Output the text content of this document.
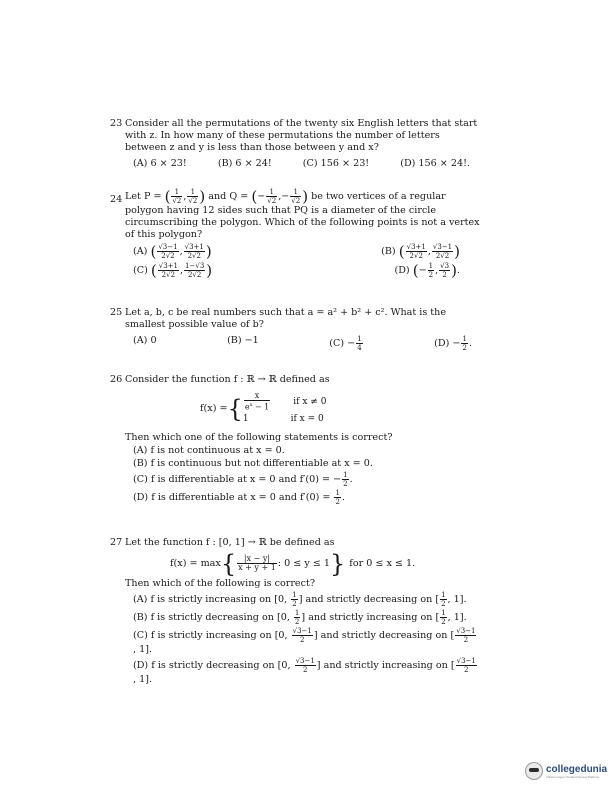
23 Consider all the permutations of the twenty six English letters that start with z. In how many of these permutations the number of letters between z and y is less than those between y and x?
(A) 6 × 23!	(B) 6 × 24!	(C) 156 × 23!	(D) 156 × 24!.
24 Let P = ( $\frac{1}{√2}$ , $\frac{1}{√2}$ ) and Q = (− $\frac{1}{√2}$ ,− $\frac{1}{√2}$ ) be two vertices of a regular polygon having 12 sides such that PQ is a diameter of the circle circumscribing the polygon. Which of the following points is not a vertex of this polygon?
(A) ( $\frac{√3-1}{2√2}$ , $\frac{√3+1}{2√2}$ )	(B) ( $\frac{√3+1}{2√2}$ , $\frac{√3-1}{2√2}$ )
(C) ( $\frac{√3+1}{2√2}$ , $\frac{1-√3}{2√2}$ )	(D) (− $\frac{1}{2}$ , $\frac{√3}{2}$ ).
25 Let a, b, c be real numbers such that a = a² + b² + c². What is the smallest possible value of b?
(A) 0	(B) −1	$(C) - \frac{1}{4}$	$(D) - \frac{1}{2}$ .
26 Consider the function f : ℝ → ℝ defined as
f(x) = { $\frac{x}{e^x - 1}$	if x ≠ 0
1	if x = 0
Then which one of the following statements is correct?
(A) f is not continuous at x = 0.
(B) f is continuous but not differentiable at x = 0.
(C) f is differentiable at x = 0 and f′(0) = − $\frac{1}{2}$ .
(D) f is differentiable at x = 0 and $f'(0) = \frac{1}{2}$ .
27 Let the function f : [0, 1] → ℝ be defined as
f(x) = max { $\frac{|x - y|}{x + y + 1}$ : 0 ≤ y ≤ 1 } for 0 ≤ x ≤ 1.
Then which of the following is correct?
(A) f is strictly increasing on [0, $\frac{1}{2}$ ] and strictly decreasing on [ $\frac{1}{2}$ , 1].
(B) f is strictly decreasing on [0, $\frac{1}{2}$ ] and strictly increasing on [ $\frac{1}{2}$ , 1].
(C) f is strictly increasing on [0, $\frac{√3-1}{2}$ ] and strictly decreasing on [ $\frac{√3-1}{2}$
, 1].
(D) f is strictly decreasing on [0, $\frac{√3-1}{2}$ ] and strictly increasing on [ $\frac{√3-1}{2}$
, 1].
collegedunia
India's Largest Student Review Platform
